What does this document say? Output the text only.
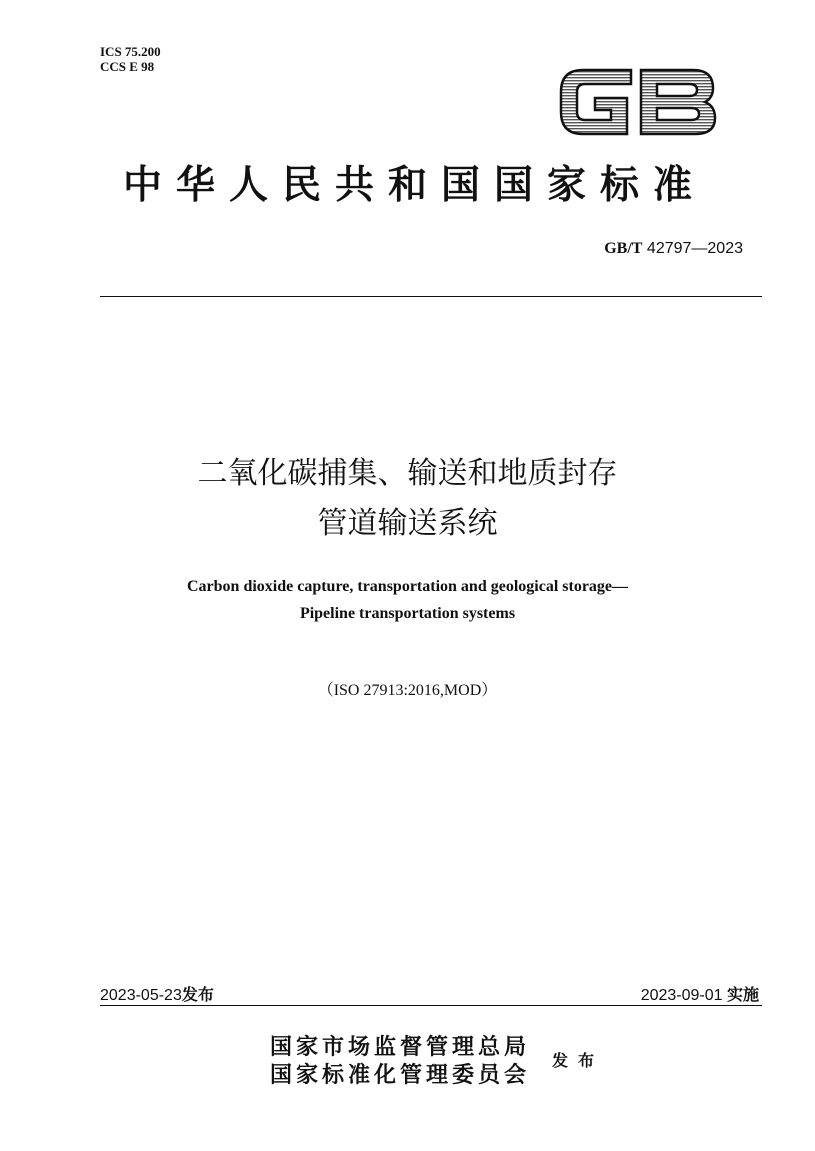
ICS 75.200
CCS E 98
中华人民共和国国家标准
GB/T 42797—2023
二氧化碳捕集、输送和地质封存
管道输送系统
Carbon dioxide capture, transportation and geological storage—
Pipeline transportation systems
（ISO 27913:2016,MOD）
2023-05-23发布	2023-09-01 实施
国家市场监督管理总局
国家标准化管理委员会
发布
